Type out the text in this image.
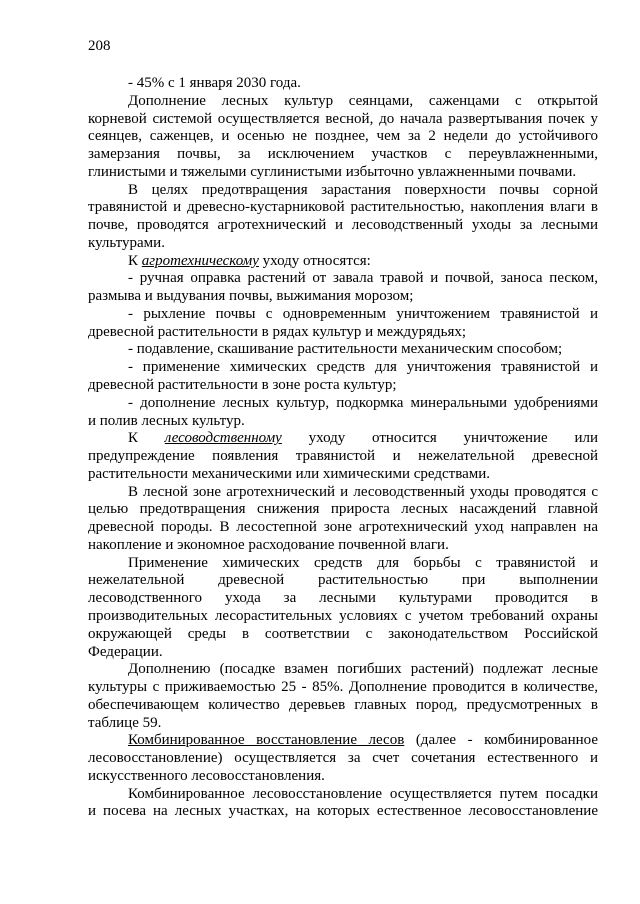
208
- 45% с 1 января 2030 года.
Дополнение лесных культур сеянцами, саженцами с открытой
корневой системой осуществляется весной, до начала развертывания почек у
сеянцев, саженцев, и осенью не позднее, чем за 2 недели до устойчивого
замерзания почвы, за исключением участков с переувлажненными,
глинистыми и тяжелыми суглинистыми избыточно увлажненными почвами.
В целях предотвращения зарастания поверхности почвы сорной
травянистой и древесно-кустарниковой растительностью, накопления влаги в
почве, проводятся агротехнический и лесоводственный уходы за лесными
культурами.
К агротехническому уходу относятся:
- ручная оправка растений от завала травой и почвой, заноса песком,
размыва и выдувания почвы, выжимания морозом;
- рыхление почвы с одновременным уничтожением травянистой и
древесной растительности в рядах культур и междурядьях;
- подавление, скашивание растительности механическим способом;
- применение химических средств для уничтожения травянистой и
древесной растительности в зоне роста культур;
- дополнение лесных культур, подкормка минеральными удобрениями
и полив лесных культур.
К лесоводственному уходу относится уничтожение или
предупреждение появления травянистой и нежелательной древесной
растительности механическими или химическими средствами.
В лесной зоне агротехнический и лесоводственный уходы проводятся с
целью предотвращения снижения прироста лесных насаждений главной
древесной породы. В лесостепной зоне агротехнический уход направлен на
накопление и экономное расходование почвенной влаги.
Применение химических средств для борьбы с травянистой и
нежелательной древесной растительностью при выполнении
лесоводственного ухода за лесными культурами проводится в
производительных лесорастительных условиях с учетом требований охраны
окружающей среды в соответствии с законодательством Российской
Федерации.
Дополнению (посадке взамен погибших растений) подлежат лесные
культуры с приживаемостью 25 - 85%. Дополнение проводится в количестве,
обеспечивающем количество деревьев главных пород, предусмотренных в
таблице 59.
Комбинированное восстановление лесов (далее - комбинированное
лесовосстановление) осуществляется за счет сочетания естественного и
искусственного лесовосстановления.
Комбинированное лесовосстановление осуществляется путем посадки
и посева на лесных участках, на которых естественное лесовосстановление
